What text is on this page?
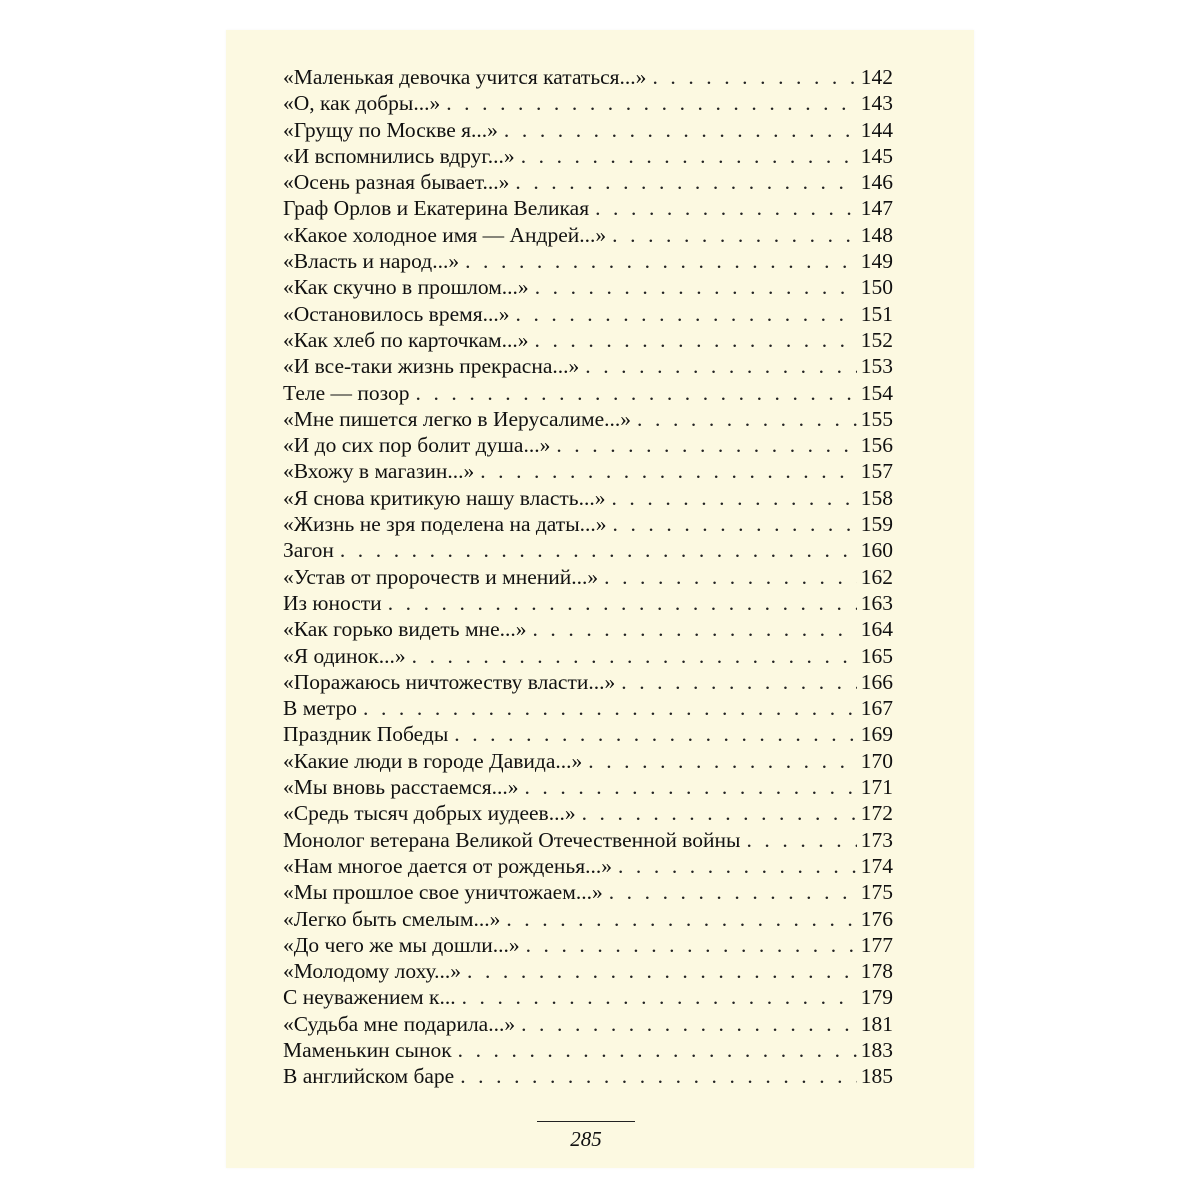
«Маленькая девочка учится кататься...» . . .	142
«О, как добры...» . . .	143
«Грущу по Москве я...» . . .	144
«И вспомнились вдруг...» . . .	145
«Осень разная бывает...» . . .	146
Граф Орлов и Екатерина Великая . . .	147
«Какое холодное имя — Андрей...» . . .	148
«Власть и народ...» . . .	149
«Как скучно в прошлом...» . . .	150
«Остановилось время...» . . .	151
«Как хлеб по карточкам...» . . .	152
«И все-таки жизнь прекрасна...» . . .	153
Теле — позор . . .	154
«Мне пишется легко в Иерусалиме...» . . .	155
«И до сих пор болит душа...» . . .	156
«Вхожу в магазин...» . . .	157
«Я снова критикую нашу власть...» . . .	158
«Жизнь не зря поделена на даты...» . . .	159
Загон . . .	160
«Устав от пророчеств и мнений...» . . .	162
Из юности . . .	163
«Как горько видеть мне...» . . .	164
«Я одинок...» . . .	165
«Поражаюсь ничтожеству власти...» . . .	166
В метро . . .	167
Праздник Победы . . .	169
«Какие люди в городе Давида...» . . .	170
«Мы вновь расстаемся...» . . .	171
«Средь тысяч добрых иудеев...» . . .	172
Монолог ветерана Великой Отечественной войны . . .	173
«Нам многое дается от рожденья...» . . .	174
«Мы прошлое свое уничтожаем...» . . .	175
«Легко быть смелым...» . . .	176
«До чего же мы дошли...» . . .	177
«Молодому лоху...» . . .	178
С неуважением к... . . .	179
«Судьба мне подарила...» . . .	181
Маменькин сынок . . .	183
В английском баре . . .	185
285
